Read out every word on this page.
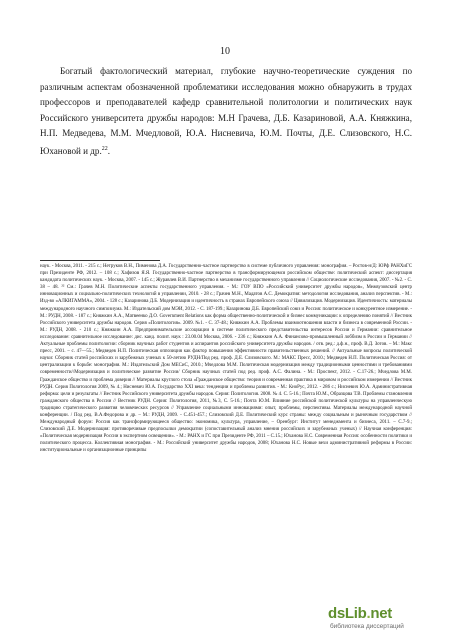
10

Богатый фактологический материал, глубокие научно-теоретические суждения по различным аспектам обозначенной проблематики исследования можно обнаружить в трудах профессоров и преподавателей кафедр сравнительной политологии и политических наук Российского университета дружбы народов: М.Н Грачева, Д.Б. Казариновой, А.А. Княжкина, Н.П. Медведева, М.М. Мчедловой, Ю.А. Нисневича, Ю.М. Почты, Д.Е. Слизовского, Н.С. Юхановой и др.$^{22}$.

наук. - Москва, 2011. - 215 с.; Нетруков В.Н., Пименова Д.А. Государственно-частное партнерство в системе публичного управления: монография. – Ростов-н/Д: ЮРф РАНХиГС при Президенте РФ, 2012. – 108 с.; Хафизов Я.Я. Государственно-частное партнерство в трансформирующемся российском обществе: политический аспект: диссертация кандидата политических наук. - Москва, 2007. - 145 с.; Журавлев В.И. Партнерство в механизме государственного управления // Социологические исследования, 2007. - №2. - С. 38 – 48. ²² См.: Грачев М.Н. Политические аспекты государственного управления. - М.: ГОУ ВПО «Российский университет дружбы народов», Межвузовский центр инновационных и социально-политических технологий в управлении, 2010. - 28 с.; Грачев М.Н., Мадатов А.С. Демократия: методология исследования, анализ перспектив. - М.: Изд-во «АЛКИГАММА», 2004. - 128 с.; Казаринова Д.Б. Модернизация и идентичность в странах Европейского союза // Цивилизация. Модернизация. Идентичность: материалы международного научного симпозиума. М.: Издательский дом МЭИ, 2012. - С. 187-199.; Казаринова Д.Б. Европейский союз и Россия: политическое и конкурентное измерение. - М.: РУДН, 2008. - 187 с.; Княжкин А.А., Матвеенко Д.О. Government Relations как форма общественно-политической и бизнес коммуникации: к определению понятий // Вестник Российского университета дружбы народов. Серия «Политология». 2009. №1. - С. 37-48.; Княжкин А.А. Проблемы взаимоотношения власти и бизнеса в современной России. - М.: РУДН, 2008. - 210 с.; Княжкин А.А. Предпринимательские ассоциации в системе политического представительства интересов России и Германии: сравнительное исследование: сравнительное исследование: дис. канд. полит. наук : 23.00.04 Москва, 2006. - 236 с.; Княжкин А.А. Финансово-промышленный лоббизм в России и Германии // Актуальные проблемы политологии: сборник научных работ студентов и аспирантов российского университета дружбы народов. / отв. ред.: д.ф.н., проф. В.Д. Зотов. – М.: Макс пресс, 2001. – с. 47—55.; Медведев Н.П. Политическая оппозиция как фактор повышения эффективности правительственных решений. // Актуальные вопросы политической науки: Сборник статей российских и зарубежных ученых к 50-летию РУДН/Под ред. проф. Д.Е. Слизовского. М.: МАКС Пресс, 2010.; Медведев Н.П. Политическая Россия: от централизации к борьбе: монография. М.: Издательский Дом МЕСиС, 2010.; Мчедлова М.М. Политическая модернизация между традиционными ценностями и требованиями современности//Модернизация и политическое развитие России/ Сборник научных статей под ред. проф. А.С. Фалина. - М.: Проспект, 2012. - С.17-26.; Мчедлова М.М. Гражданское общество и проблема доверия // Материалы круглого стола «Гражданское общество: теория и современная практика в мировом и российском измерении // Вестник РУДН. Серия Политология 2009, № 4.; Нисневич Ю.А. Государство XXI века: тенденции и проблемы развития. - М.: КноРус, 2012. - 286 с.; Нисневич Ю.А. Административная реформа: цели и результаты // Вестник Российского университета дружбы народов. Серия: Политология. 2008. № 4. С. 5-16.; Почта Ю.М., Образцова Т.В. Проблемы становления гражданского общества в России // Вестник РУДН. Серия: Политология, 2011, №3, С. 5-16.; Почта Ю.М. Влияние российской политической культуры на управленческую традицию стратегического развития человеческих ресурсов // Управление социальными инновациями: опыт, проблемы, перспективы. Материалы международной научной конференции. / Под ред. В.А.Федорова и др. – М.: РУДН, 2009. - С.451-457.; Слизовский Д.Е. Политический курс страны: между социальным и рыночным государством // Международный форум: Россия как трансформирующееся общество: экономика, культура, управление, – Оренбург: Институт менеджмента и бизнеса, 2011. – С.7-9.; Слизовский Д.Е. Модернизация: противоречивые предпосылки демократии (сопоставительный анализ мнения российских и зарубежных ученых) // Научная конференция: «Политическая модернизация России в экспертном освещении». - М.: РАНХ и ГС при Президенте РФ, 2011 – С.15.; Юханова Н.С. Современная Россия: особенности политики и политического процесса. Коллективная монография. - М.: Российский университет дружбы народов, 2008; Юханова Н.С. Новые вехи административной реформы в России: институциональные и организационные принципы

dsLib.net
библиотека диссертаций
